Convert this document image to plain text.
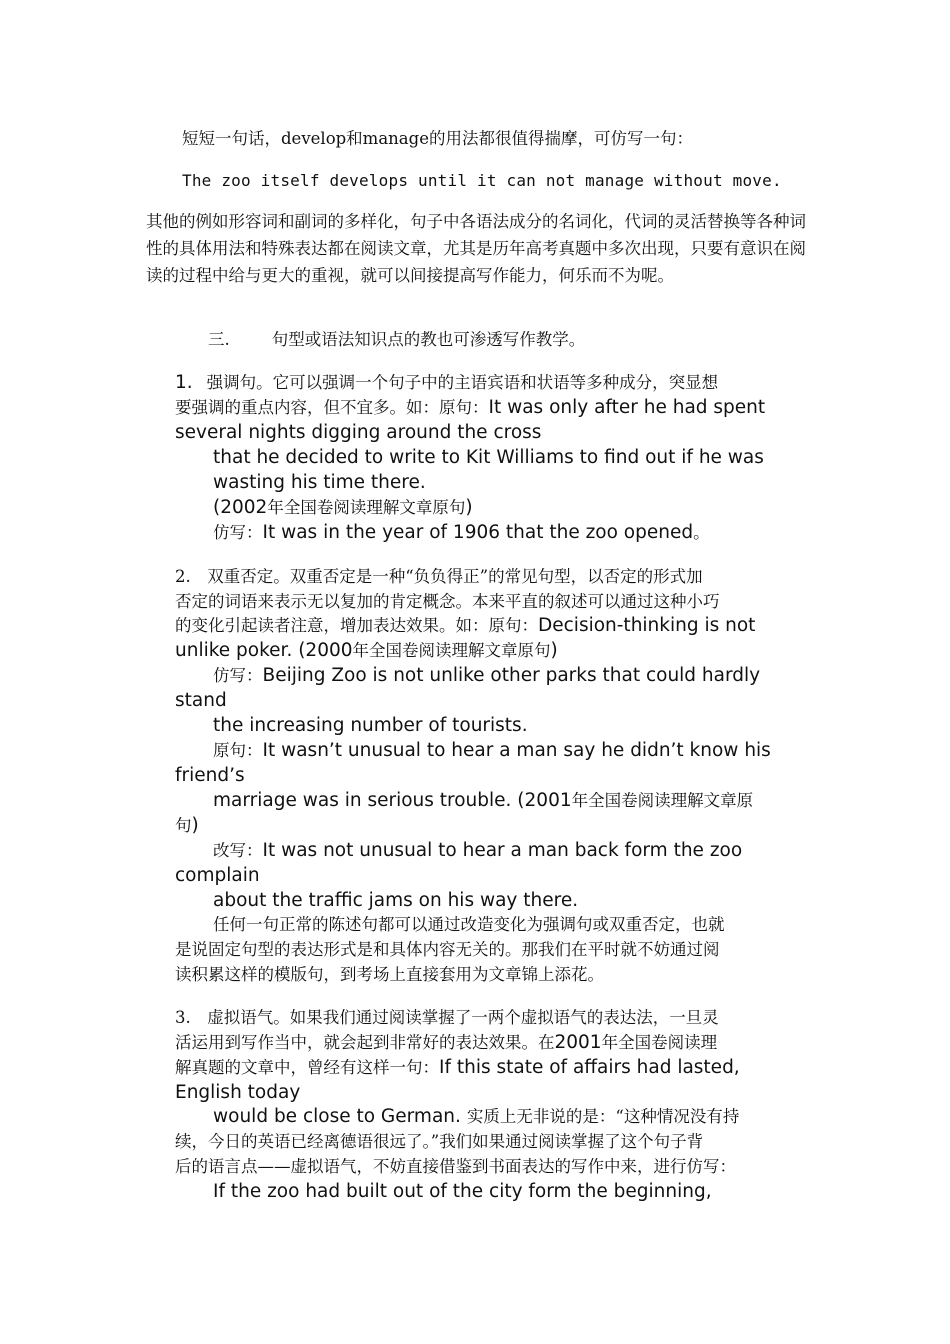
短短一句话，develop和manage的用法都很值得揣摩，可仿写一句：
The zoo itself develops until it can not manage without move.
其他的例如形容词和副词的多样化，句子中各语法成分的名词化，代词的灵活替换等各种词性的具体用法和特殊表达都在阅读文章，尤其是历年高考真题中多次出现，只要有意识在阅读的过程中给与更大的重视，就可以间接提高写作能力，何乐而不为呢。
三.	句型或语法知识点的教也可渗透写作教学。
1. 强调句。它可以强调一个句子中的主语宾语和状语等多种成分，突显想
要强调的重点内容，但不宜多。如：原句：It was only after he had spent
several nights digging around the cross
that he decided to write to Kit Williams to find out if he was
wasting his time there.
(2002年全国卷阅读理解文章原句)
仿写：It was in the year of 1906 that the zoo opened。
2.　双重否定。双重否定是一种“负负得正”的常见句型，以否定的形式加
否定的词语来表示无以复加的肯定概念。本来平直的叙述可以通过这种小巧
的变化引起读者注意，增加表达效果。如：原句：Decision-thinking is not
unlike poker. (2000年全国卷阅读理解文章原句)
仿写：Beijing Zoo is not unlike other parks that could hardly
stand
the increasing number of tourists.
原句：It wasn’t unusual to hear a man say he didn’t know his
friend’s
marriage was in serious trouble. (2001年全国卷阅读理解文章原
句)
改写：It was not unusual to hear a man back form the zoo
complain
about the traffic jams on his way there.
任何一句正常的陈述句都可以通过改造变化为强调句或双重否定，也就
是说固定句型的表达形式是和具体内容无关的。那我们在平时就不妨通过阅
读积累这样的模版句，到考场上直接套用为文章锦上添花。
3.　虚拟语气。如果我们通过阅读掌握了一两个虚拟语气的表达法，一旦灵
活运用到写作当中，就会起到非常好的表达效果。在2001年全国卷阅读理
解真题的文章中，曾经有这样一句：If this state of affairs had lasted,
English today
would be close to German. 实质上无非说的是：“这种情况没有持
续，今日的英语已经离德语很远了。”我们如果通过阅读掌握了这个句子背
后的语言点——虚拟语气，不妨直接借鉴到书面表达的写作中来，进行仿写：
If the zoo had built out of the city form the beginning,
